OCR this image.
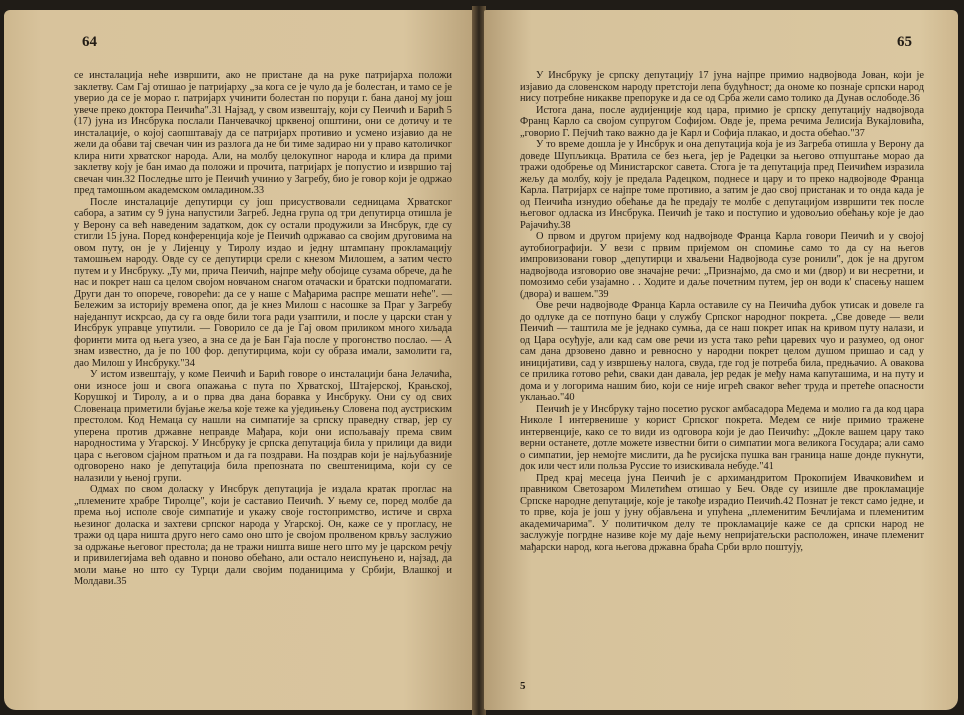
64

се инсталација неће извршити, ако не пристане да на руке патријарха положи заклетву. Сам Гај отишао је патријарху „за кога се је чуло да је болестан, и тамо се је уверио да се је морао г. патријарх учинити болестан по поруци г. бана даној му још увече преко доктора Пеичића".31 Најзад, у свом извештају, који су Пеичић и Барић 5 (17) јуна из Инсбрука послали Панчевачкој црквеној општини, они се дотичу и те инсталације, о којој саопштавају да се патријарх противио и усмено изјавио да не жели да обави тај свечан чин из разлога да не би тиме задирао ни у право католичког клира нити хрватског народа. Али, на молбу целокупног народа и клира да прими заклетву коју је бан имао да положи и прочита, патријарх је попустио и извршио тај свечан чин.32 Последње што је Пеичић учинио у Загребу, био је говор који је одржао пред тамошњом академском омладином.33

После инсталације депутирци су још присуствовали седницама Хрватског сабора, а затим су 9 јуна напустили Загреб. Једна група од три депутирца отишла је у Верону са већ наведеним задатком, док су остали продужили за Инсбрук, где су стигли 15 јуна. Поред конференција које је Пеичић одржавао са својим друговима на овом путу, он је у Лијенцу у Тиролу издао и једну штампану прокламацију тамошњем народу. Овде су се депутирци срели с кнезом Милошем, а затим често путем и у Инсбруку. „Ту ми, прича Пеичић, најпре међу обојице сузама обрече, да ће нас и покрет наш са целом својом новчаном снагом отачаски и братски подпомагати. Други дан то опорече, говорећи: да се у наше с Мађарима распре мешати неће". — Бележим за историју времена опог, да је кнез Милош с насошке за Праг у Загребу наједанпут искрсао, да су га овде били тога ради узаптили, и после у царски стан у Инсбрук управце упутили. — Говорило се да је Гај овом приликом много хиљада форинти мита од њега узео, а зна се да је Бан Гаја после у прогонство послао. — А знам известно, да је по 100 фор. депутирцима, који су образа имали, замолити га, дао Милош у Инсбруку."34

У истом извештају, у коме Пеичић и Барић говоре о инсталацији бана Јелачића, они износе још и свога опажања с пута по Хрватској, Штајерској, Крањској, Корушкој и Тиролу, а и о прва два дана боравка у Инсбруку. Они су од свих Словенаца приметили бујање жеља које теже ка уједињењу Словена под аустриским престолом. Код Немаца су нашли на симпатије за српску праведну ствар, јер су уперена против државне неправде Мађара, који они испољавају према свим народностима у Угарској. У Инсбруку је српска депутација била у прилици да види цара с његовом сјајном пратњом и да га поздрави. На поздрав који је најљубазније одговорено нако је депутација била препозната по свештеницима, који су се налазили у њеној групи.

Одмах по свом доласку у Инсбрук депутација је издала кратак проглас на „племените храбре Тиролце", који је саставио Пеичић. У њему се, поред молбе да према њој исполе своје симпатије и укажу своје гостопримство, истиче и сврха њезиног доласка и захтеви српског народа у Угарској. Он, каже се у прогласу, не тражи од цара ништа друго него само оно што је својом пролвеном крвљу заслужио за одржање његовог престола; да не тражи ништа више него што му је царском речју и привилегијама већ одавно и поново обећано, али остало неиспуњено и, најзад, да моли мање но што су Турци дали својим поданицима у Србији, Влашкој и Молдави.35

65

У Инсбруку је српску депутацију 17 јуна најпре примио надвојвода Јован, који је изјавио да словенском народу претстоји лепа будућност; да ономе ко познаје српски народ нису потребне никакве препоруке и да се од Срба жели само толико да Дунав ослободе.36

Истога дана, после аудијенције код цара, примио је српску депутацију надвојвода Франц Карло са својом супругом Софијом. Овде је, према речима Јелисија Вукајловића, „говорио Г. Пејчић тако важно да је Карл и Софија плакао, и доста обећао."37

У то време дошла је у Инсбрук и она депутација која је из Загреба отишла у Верону да доведе Шупљикца. Вратила се без њега, јер је Радецки за његово отпуштање морао да тражи одобрење од Министарског савета. Стога је та депутација пред Пеичићем изразила жељу да молбу, коју је предала Радецком, поднесе и цару и то преко надвојводе Франца Карла. Патријарх се најпре томе противио, а затим је дао свој пристанак и то онда када је од Пеичића изнудио обећање да ће предају те молбе с депутацијом извршити тек после његовог одласка из Инсбрука. Пеичић је тако и поступио и удовољио обећању које је дао Рајачићу.38

О првом и другом пријему код надвојводе Франца Карла говори Пеичић и у својој аутобиографији. У вези с првим пријемом он спомиње само то да су на његов импровизовани говор „депутирци и хваљени Надвојвода сузе ронили", док је на другом надвојвода изговорио ове значајне речи: „Признајмо, да смо и ми (двор) и ви несретни, и помозимо себи узајамно . . Ходите и даље почетним путем, јер он води к' спасењу нашем (двора) и вашем."39

Ове речи надвојводе Франца Карла оставиле су на Пеичића дубок утисак и довеле га до одлуке да се потпуно баци у службу Српског народног покрета. „Све доведе — вели Пеичић — таштила ме је једнако сумња, да се наш покрет ипак на кривом путу налази, и од Цара осуђује, али кад сам ове речи из уста тако рећи царевих чуо и разумео, од оног сам дана дрзовено давно и ревносно у народни покрет целом душом пришао и сад у иницијативи, сад у извршењу налога, свуда, где год је потреба била, предњачио. А овакова се прилика готово рећи, сваки дан давала, јер редак је међу нама капуташима, и на путу и дома и у логорима нашим био, који се није игрећ сваког већег труда и претеће опасности уклањао."40

Пеичић је у Инсбруку тајно посетио руског амбасадора Медема и молио га да код цара Николе I интервенише у корист Српског покрета. Медем се није примио тражене интервенције, како се то види из одговора који је дао Пеичићу: „Докле вашем цару тако верни останете, дотле можете известни бити о симпатии мога великога Государа; али само о симпатии, јер немојте мислити, да ће русијска пушка ван граница наше донде пукнути, док или чест или польза Руссие то изискивала небуде."41

Пред крај месеца јуна Пеичић је с архимандритом Прокопијем Ивачковићем и правником Светозаром Милетићем отишао у Беч. Овде су изишле две прокламације Српске народне депутације, које је такође израдио Пеичић.42 Познат је текст само једне, и то прве, која је још у јуну објављена и упућена „племенитим Бечлијама и племенитим академичарима". У политичком делу те прокламације каже се да српски народ не заслужује погрдне називе које му даје њему непријатељски расположен, иначе племенит мађарски народ, кога његова државна браћа Срби врло поштују,

5
